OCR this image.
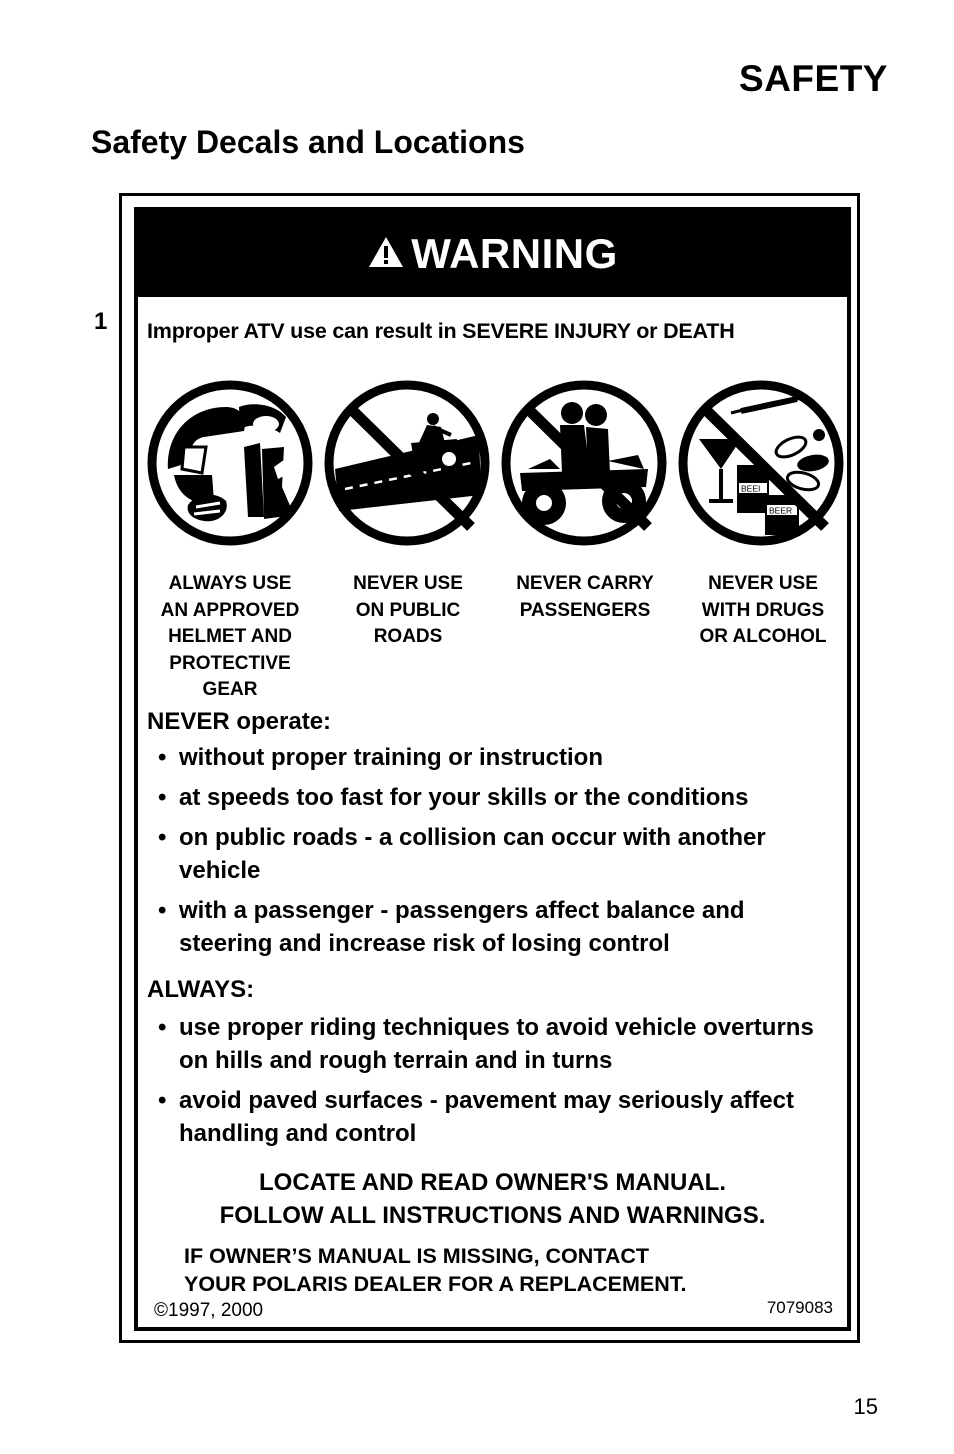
SAFETY
Safety Decals and Locations
1
WARNING
Improper ATV use can result in SEVERE INJURY or DEATH
BEEI
BEER
ALWAYS USE
AN APPROVED
HELMET AND
PROTECTIVE
GEAR
NEVER USE
ON PUBLIC
ROADS
NEVER CARRY
PASSENGERS
NEVER USE
WITH DRUGS
OR ALCOHOL
NEVER operate:
• without proper training or instruction
• at speeds too fast for your skills or the conditions
• on public roads - a collision can occur with another vehicle
• with a passenger - passengers affect balance and steering and increase risk of losing control
ALWAYS:
• use proper riding techniques to avoid vehicle overturns on hills and rough terrain and in turns
• avoid paved surfaces - pavement may seriously affect handling and control
LOCATE AND READ OWNER'S MANUAL.
FOLLOW ALL INSTRUCTIONS AND WARNINGS.
IF OWNER’S MANUAL IS MISSING, CONTACT
YOUR POLARIS DEALER FOR A REPLACEMENT.
©1997, 2000	7079083
15
